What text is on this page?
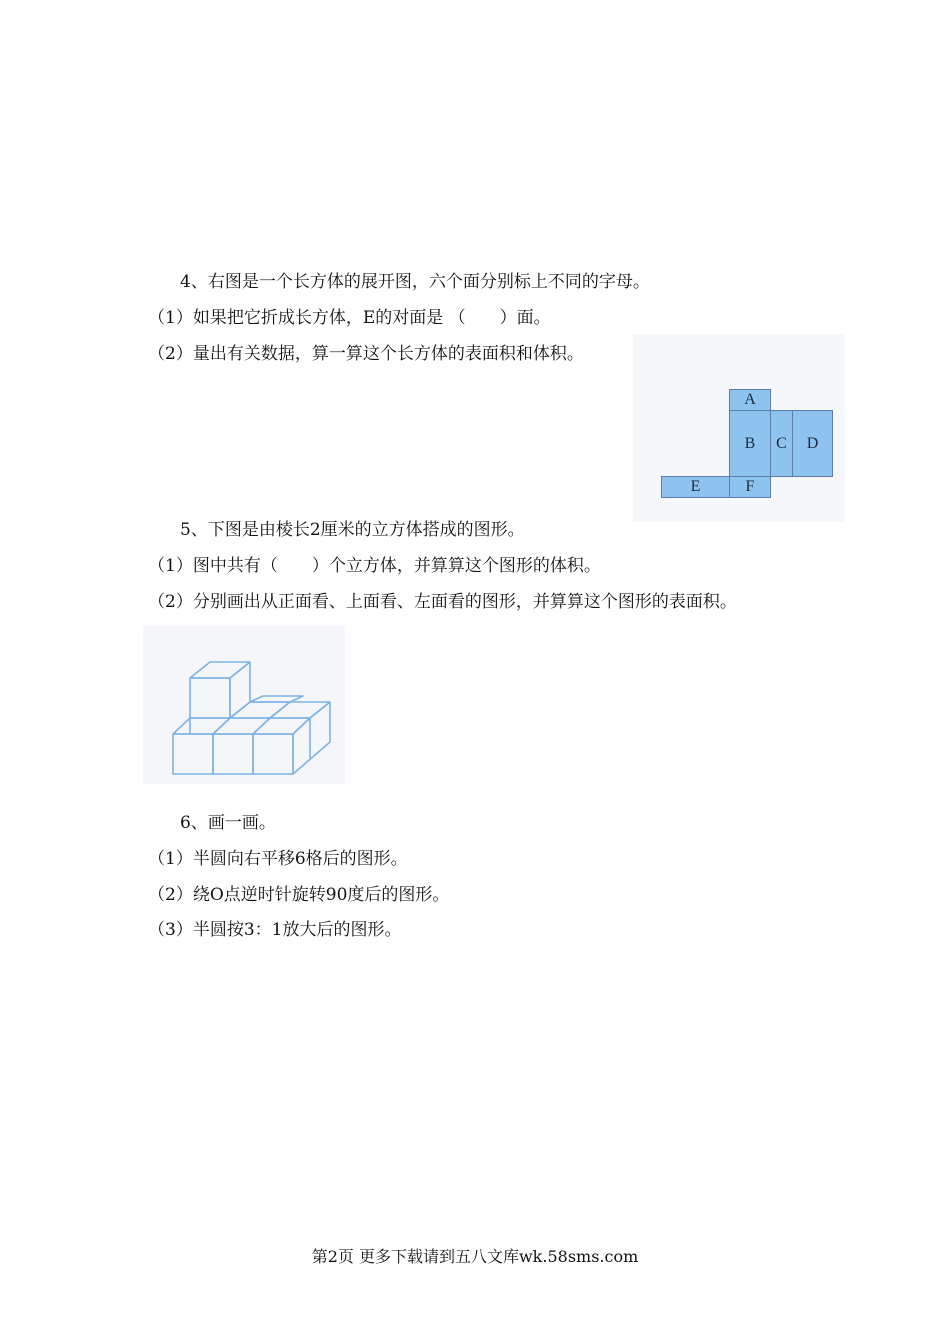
4、右图是一个长方体的展开图，六个面分别标上不同的字母。
（1）如果把它折成长方体，E的对面是 （　　）面。
（2）量出有关数据，算一算这个长方体的表面积和体积。
A
B	C	D
E	F
5、下图是由棱长2厘米的立方体搭成的图形。
（1）图中共有（　　）个立方体，并算算这个图形的体积。
（2）分别画出从正面看、上面看、左面看的图形，并算算这个图形的表面积。
6、画一画。
（1）半圆向右平移6格后的图形。
（2）绕O点逆时针旋转90度后的图形。
（3）半圆按3：1放大后的图形。
第2页 更多下载请到五八文库wk.58sms.com
